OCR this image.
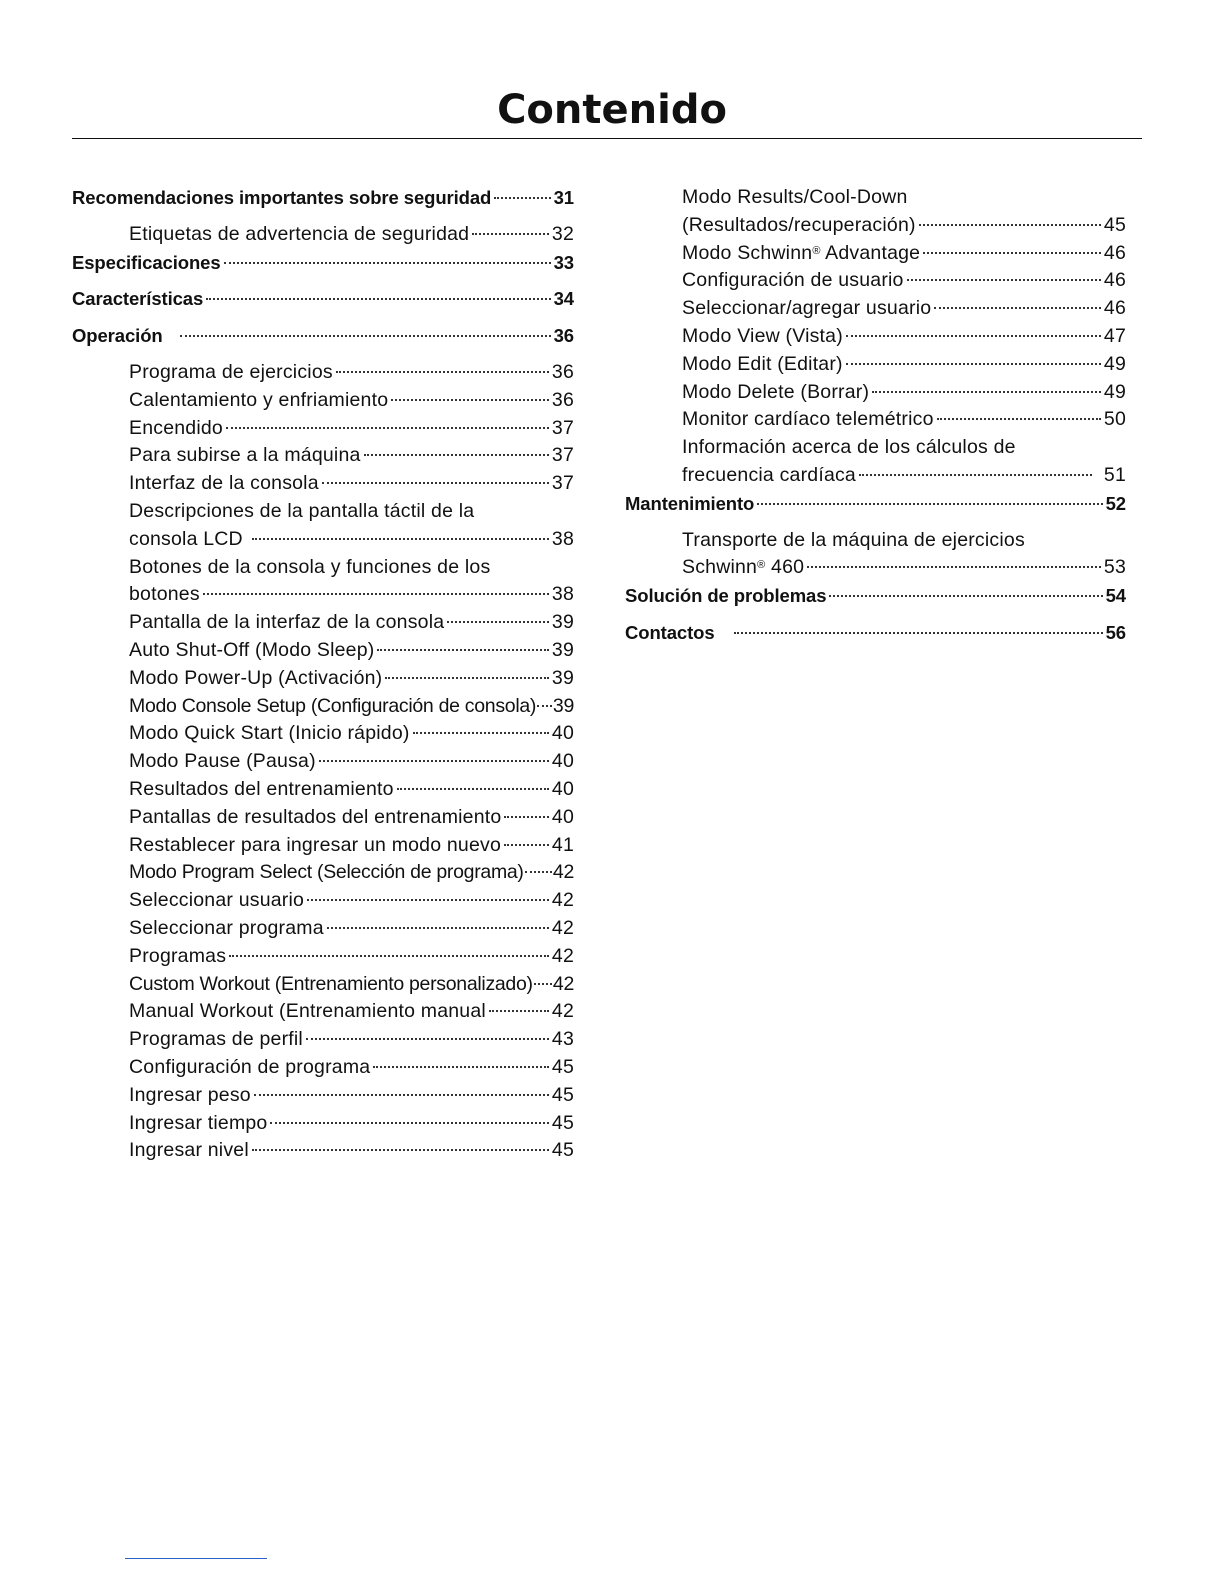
Contenido
Recomendaciones importantes sobre seguridad	31
Etiquetas de advertencia de seguridad	32
Especificaciones	33
Características	34
Operación	36
Programa de ejercicios	36
Calentamiento y enfriamiento	36
Encendido	37
Para subirse a la máquina	37
Interfaz de la consola	37
Descripciones de la pantalla táctil de la
consola LCD	38
Botones de la consola y funciones de los
botones	38
Pantalla de la interfaz de la consola	39
Auto Shut-Off (Modo Sleep)	39
Modo Power-Up (Activación)	39
Modo Console Setup (Configuración de consola) 39
Modo Quick Start (Inicio rápido)	40
Modo Pause (Pausa)	40
Resultados del entrenamiento	40
Pantallas de resultados del entrenamiento	40
Restablecer para ingresar un modo nuevo	41
Modo Program Select (Selección de programa) 42
Seleccionar usuario	42
Seleccionar programa	42
Programas	42
Custom Workout (Entrenamiento personalizado) 42
Manual Workout (Entrenamiento manual	42
Programas de perfil	43
Configuración de programa	45
Ingresar peso	45
Ingresar tiempo	45
Ingresar nivel	45
Modo Results/Cool-Down
(Resultados/recuperación)	45
Modo Schwinn® Advantage	46
Configuración de usuario	46
Seleccionar/agregar usuario	46
Modo View (Vista)	47
Modo Edit (Editar)	49
Modo Delete (Borrar)	49
Monitor cardíaco telemétrico	50
Información acerca de los cálculos de
frecuencia cardíaca	51
Mantenimiento	52
Transporte de la máquina de ejercicios
Schwinn® 460	53
Solución de problemas	54
Contactos	56
